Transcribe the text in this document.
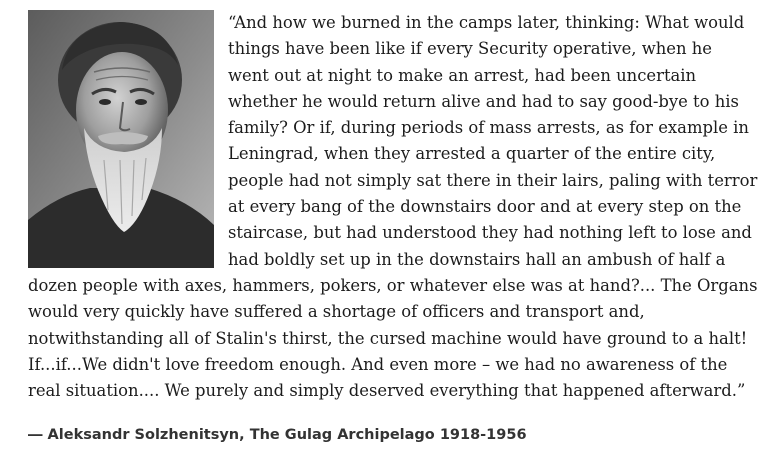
“And how we burned in the camps later, thinking: What would things have been like if every Security operative, when he went out at night to make an arrest, had been uncertain whether he would return alive and had to say good-bye to his family? Or if, during periods of mass arrests, as for example in Leningrad, when they arrested a quarter of the entire city, people had not simply sat there in their lairs, paling with terror at every bang of the downstairs door and at every step on the staircase, but had understood they had nothing left to lose and had boldly set up in the downstairs hall an ambush of half a dozen people with axes, hammers, pokers, or whatever else was at hand?... The Organs would very quickly have suffered a shortage of officers and transport and, notwithstanding all of Stalin's thirst, the cursed machine would have ground to a halt! If...if...We didn't love freedom enough. And even more – we had no awareness of the real situation.... We purely and simply deserved everything that happened afterward.”

― Aleksandr Solzhenitsyn, The Gulag Archipelago 1918-1956
